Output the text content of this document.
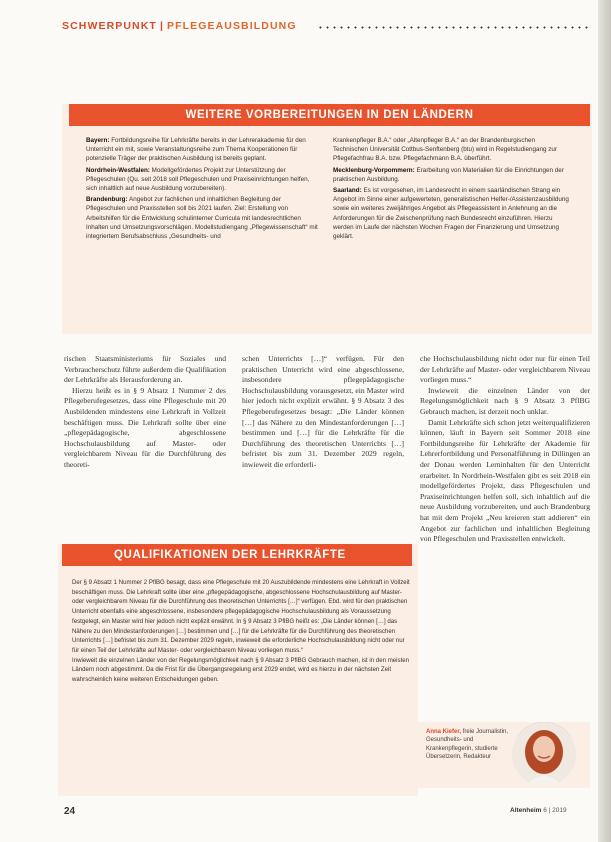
SCHWERPUNKT | PFLEGEAUSBILDUNG
WEITERE VORBEREITUNGEN IN DEN LÄNDERN

Bayern: Fortbildungsreihe für Lehrkräfte bereits in der Lehrerakademie für den Unterricht ein mit, sowie Veranstaltungsreihe zum Thema Kooperationen für potenzielle Träger der praktischen Ausbildung ist bereits geplant.

Nordrhein-Westfalen: Modellgefördertes Projekt zur Unterstützung der Pflegeschulen (Qu. seit 2018 soll Pflegeschulen und Praxiseinrichtungen helfen, sich inhaltlich auf neue Ausbildung vorzubereiten).

Brandenburg: Angebot zur fachlichen und inhaltlichen Begleitung der Pflegeschulen und Praxisstellen soll bis 2021 laufen. Ziel: Erstellung von Arbeitshilfen für die Entwicklung schulinterner Curricula mit landesrechtlichen Inhalten und Umsetzungsvorschlägen. Modellstudiengang „Pflegewissenschaft“ mit integriertem Berufsabschluss „Gesundheits- und

Krankenpfleger B.A.“ oder „Altenpfleger B.A.“ an der Brandenburgischen Technischen Universität Cottbus-Senftenberg (btu) wird in Regelstudiengang zur Pflegefachfrau B.A. bzw. Pflegefachmann B.A. überführt.

Mecklenburg-Vorpommern: Erarbeitung von Materialien für die Einrichtungen der praktischen Ausbildung.

Saarland: Es ist vorgesehen, im Landesrecht in einem saarländischen Strang ein Angebot im Sinne einer aufgewerteten, generalistischen Helfer-/Assistenzausbildung sowie ein weiteres zweijähriges Angebot als Pflegeassistent in Anlehnung an die Anforderungen für die Zwischenprüfung nach Bundesrecht einzuführen. Hierzu werden im Laufe der nächsten Wochen Fragen der Finanzierung und Umsetzung geklärt.

rischen Staatsministeriums für Soziales und Verbraucherschutz führte außerdem die Qualifikation der Lehrkräfte als Herausforderung an.

Hierzu heißt es in § 9 Absatz 1 Nummer 2 des Pflegeberufegesetzes, dass eine Pflegeschule mit 20 Ausbildenden mindestens eine Lehrkraft in Vollzeit beschäftigen muss. Die Lehrkraft sollte über eine „pflegepädagogische, abgeschlossene Hochschulausbildung auf Master- oder vergleichbarem Niveau für die Durchführung des theoreti-

schen Unterrichts […]“ verfügen. Für den praktischen Unterricht wird eine abgeschlossene, insbesondere pflegepädagogische Hochschulausbildung vorausgesetzt, ein Master wird hier jedoch nicht explizit erwähnt. § 9 Absatz 3 des Pflegeberufegesetzes besagt: „Die Länder können […] das Nähere zu den Mindestanforderungen […] bestimmen und […] für die Lehrkräfte für die Durchführung des theoretischen Unterrichts […] befristet bis zum 31. Dezember 2029 regeln, inwieweit die erforderli-

che Hochschulausbildung nicht oder nur für einen Teil der Lehrkräfte auf Master- oder vergleichbarem Niveau vorliegen muss.“

Inwieweit die einzelnen Länder von der Regelungsmöglichkeit nach § 9 Absatz 3 PflBG Gebrauch machen, ist derzeit noch unklar.

Damit Lehrkräfte sich schon jetzt weiterqualifizieren können, läuft in Bayern seit Sommer 2018 eine Fortbildungsreihe für Lehrkräfte der Akademie für Lehrerfortbildung und Personalführung in Dillingen an der Donau werden Lerninhalten für den Unterricht erarbeitet. In Nordrhein-Westfalen gibt es seit 2018 ein modellgefördertes Projekt, dass Pflegeschulen und Praxiseinrichtungen helfen soll, sich inhaltlich auf die neue Ausbildung vorzubereiten, und auch Brandenburg hat mit dem Projekt „Neu kreieren statt addieren“ ein Angebot zur fachlichen und inhaltlichen Begleitung von Pflegeschulen und Praxisstellen entwickelt.

QUALIFIKATIONEN DER LEHRKRÄFTE

Der § 9 Absatz 1 Nummer 2 PflBG besagt, dass eine Pflegeschule mit 20 Auszubildende mindestens eine Lehrkraft in Vollzeit beschäftigen muss. Die Lehrkraft sollte über eine „pflegepädagogische, abgeschlossene Hochschulausbildung auf Master- oder vergleichbarem Niveau für die Durchführung des theoretischen Unterrichts […]“ verfügen. Ebd. wird für den praktischen Unterricht ebenfalls eine abgeschlossene, insbesondere pflegepädagogische Hochschulausbildung als Voraussetzung festgelegt, ein Master wird hier jedoch nicht explizit erwähnt. In § 9 Absatz 3 PflBG heißt es: „Die Länder können […] das Nähere zu den Mindestanforderungen […] bestimmen und […] für die Lehrkräfte für die Durchführung des theoretischen Unterrichts […] befristet bis zum 31. Dezember 2029 regeln, inwieweit die erforderliche Hochschulausbildung nicht oder nur für einen Teil der Lehrkräfte auf Master- oder vergleichbarem Niveau vorliegen muss.“

Inwieweit die einzelnen Länder von der Regelungsmöglichkeit nach § 9 Absatz 3 PflBG Gebrauch machen, ist in den meisten Ländern noch abgestimmt. Da die Frist für die Übergangsregelung erst 2029 endet, wird es hierzu in der nächsten Zeit wahrscheinlich keine weiteren Entscheidungen geben.

Anna Kiefer, freie Journalistin, Gesundheits- und Krankenpflegerin, studierte Übersetzerin, Redakteur
24	Altenheim 6 | 2019
